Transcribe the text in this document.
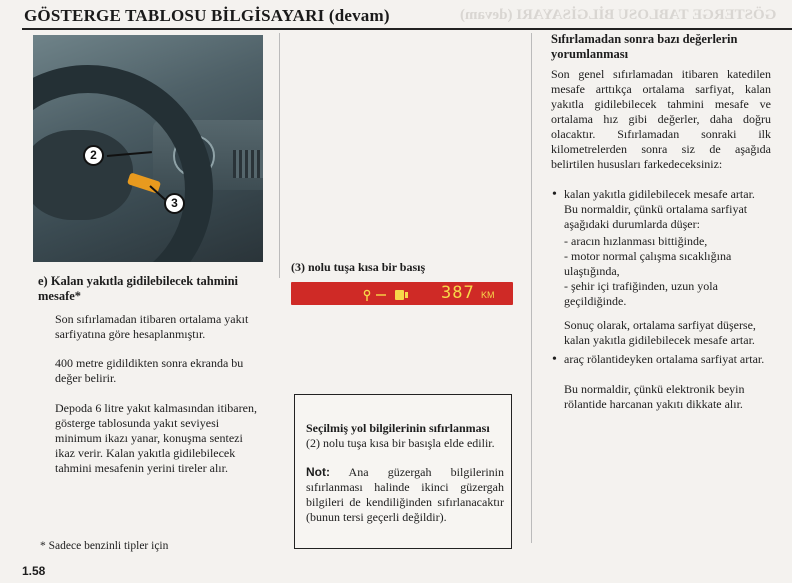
GÖSTERGE TABLOSU BİLGİSAYARI (devam)
GÖSTERGE TABLOSU BİLGİSAYARI (devam)
2
3
e) Kalan yakıtla gidilebilecek tahmini mesafe*
Son sıfırlamadan itibaren ortalama yakıt sarfiyatına göre hesaplanmıştır.
400 metre gidildikten sonra ekranda bu değer belirir.
Depoda 6 litre yakıt kalmasından itibaren, gösterge tablosunda yakıt seviyesi minimum ikazı yanar, konuşma sentezi ikaz verir. Kalan yakıtla gidilebilecek tahmini mesafenin yerini tireler alır.
* Sadece benzinli tipler için
1.58
(3) nolu tuşa kısa bir basış
387 KM
Seçilmiş yol bilgilerinin sıfırlanması
(2) nolu tuşa kısa bir basışla elde edilir.
Not: Ana güzergah bilgilerinin sıfırlanması halinde ikinci güzergah bilgileri de kendiliğinden sıfırlanacaktır (bunun tersi geçerli değildir).
Sıfırlamadan sonra bazı değerlerin yorumlanması
Son genel sıfırlamadan itibaren katedilen mesafe arttıkça ortalama sarfiyat, kalan yakıtla gidilebilecek tahmini mesafe ve ortalama hız gibi değerler, daha doğru olacaktır. Sıfırlamadan sonraki ilk kilometrelerden sonra siz de aşağıda belirtilen hususları farkedeceksiniz:
• kalan yakıtla gidilebilecek mesafe artar.
Bu normaldir, çünkü ortalama sarfiyat aşağıdaki durumlarda düşer:
- aracın hızlanması bittiğinde,
- motor normal çalışma sıcaklığına ulaştığında,
- şehir içi trafiğinden, uzun yola geçildiğinde.
Sonuç olarak, ortalama sarfiyat düşerse, kalan yakıtla gidilebilecek mesafe artar.
• araç rölantideyken ortalama sarfiyat artar.
Bu normaldir, çünkü elektronik beyin rölantide harcanan yakıtı dikkate alır.
